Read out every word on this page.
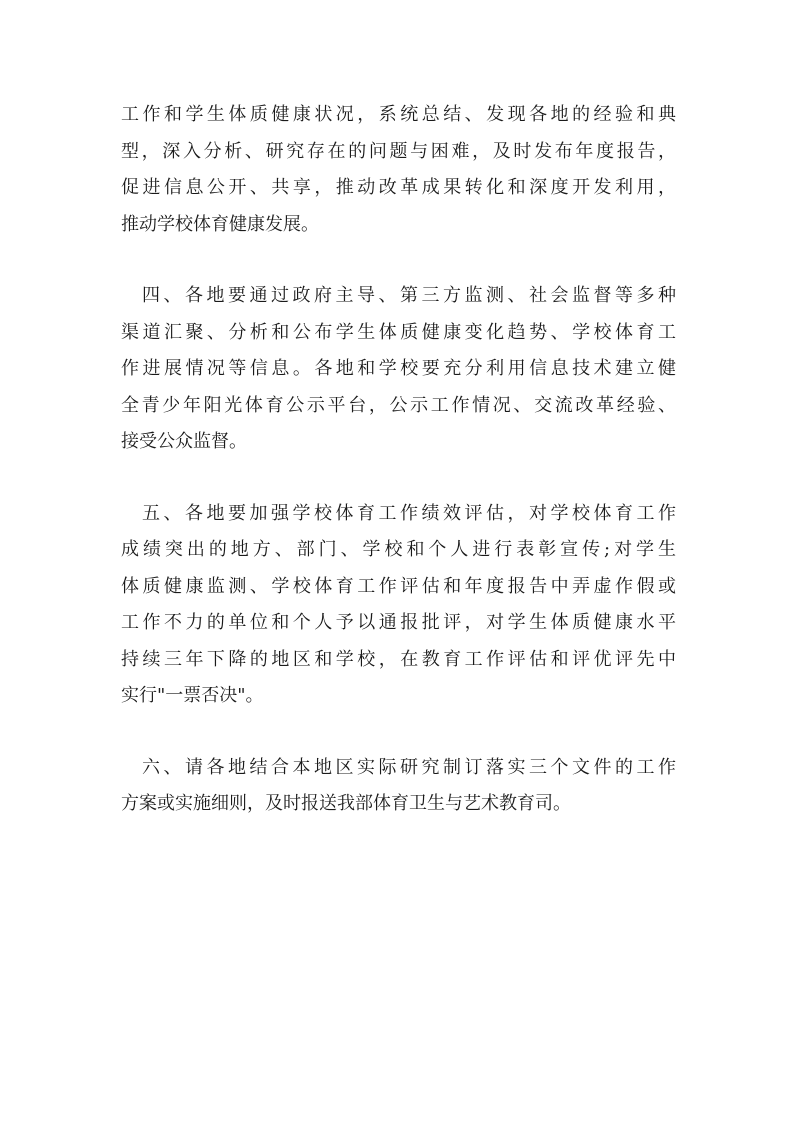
工作和学生体质健康状况，系统总结、发现各地的经验和典
型，深入分析、研究存在的问题与困难，及时发布年度报告，
促进信息公开、共享，推动改革成果转化和深度开发利用，
推动学校体育健康发展。

四、各地要通过政府主导、第三方监测、社会监督等多种
渠道汇聚、分析和公布学生体质健康变化趋势、学校体育工
作进展情况等信息。各地和学校要充分利用信息技术建立健
全青少年阳光体育公示平台，公示工作情况、交流改革经验、
接受公众监督。

五、各地要加强学校体育工作绩效评估，对学校体育工作
成绩突出的地方、部门、学校和个人进行表彰宣传;对学生
体质健康监测、学校体育工作评估和年度报告中弄虚作假或
工作不力的单位和个人予以通报批评，对学生体质健康水平
持续三年下降的地区和学校，在教育工作评估和评优评先中
实行"一票否决"。

六、请各地结合本地区实际研究制订落实三个文件的工作
方案或实施细则，及时报送我部体育卫生与艺术教育司。
